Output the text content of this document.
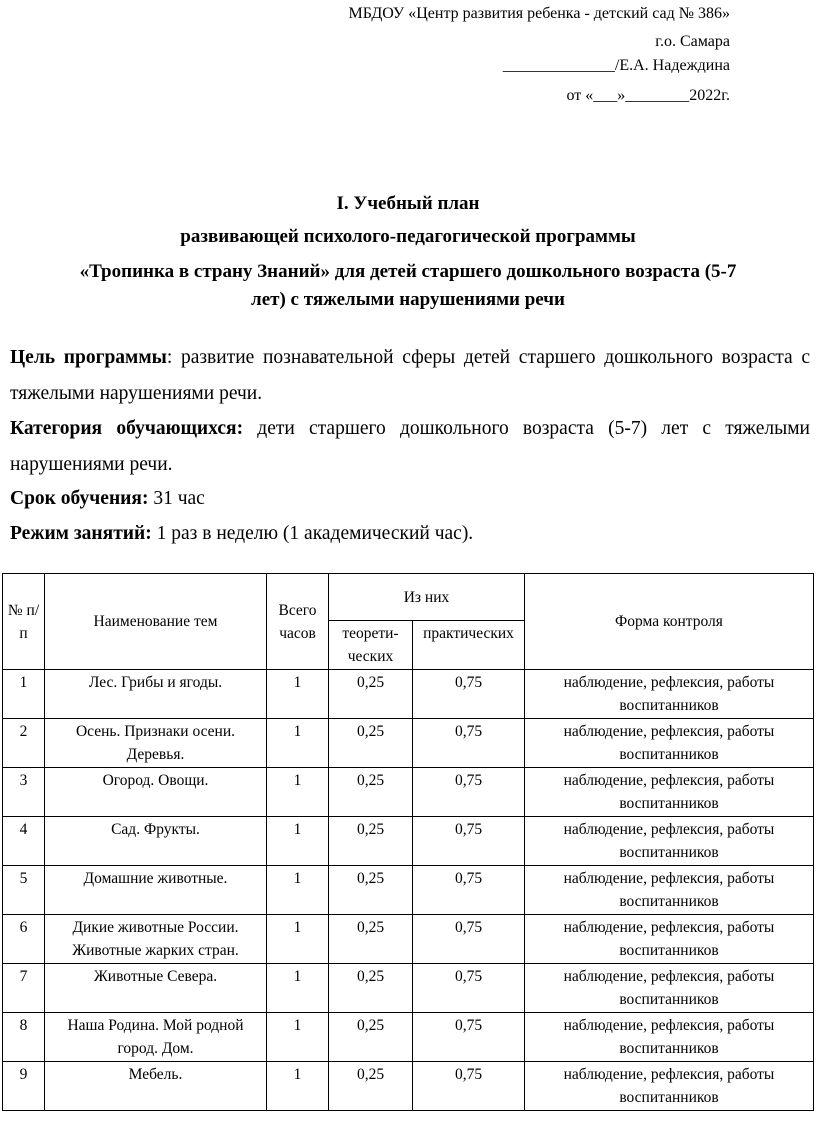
МБДОУ «Центр развития ребенка - детский сад № 386»
г.о. Самара
______________/Е.А. Надеждина
от «___»________2022г.
I. Учебный план
развивающей психолого-педагогической программы
«Тропинка в страну Знаний» для детей старшего дошкольного возраста (5-7
лет) с тяжелыми нарушениями речи
Цель программы: развитие познавательной сферы детей старшего дошкольного возраста с тяжелыми нарушениями речи.
Категория обучающихся: дети старшего дошкольного возраста (5-7) лет с тяжелыми нарушениями речи.
Срок обучения: 31 час
Режим занятий: 1 раз в неделю (1 академический час).
№ п/п	Наименование тем	Всего часов	Из них		Форма контроля
			теорети-ческих	практических	
1	Лес. Грибы и ягоды.	1	0,25	0,75	наблюдение, рефлексия, работы воспитанников
2	Осень. Признаки осени. Деревья.	1	0,25	0,75	наблюдение, рефлексия, работы воспитанников
3	Огород. Овощи.	1	0,25	0,75	наблюдение, рефлексия, работы воспитанников
4	Сад. Фрукты.	1	0,25	0,75	наблюдение, рефлексия, работы воспитанников
5	Домашние животные.	1	0,25	0,75	наблюдение, рефлексия, работы воспитанников
6	Дикие животные России. Животные жарких стран.	1	0,25	0,75	наблюдение, рефлексия, работы воспитанников
7	Животные Севера.	1	0,25	0,75	наблюдение, рефлексия, работы воспитанников
8	Наша Родина. Мой родной город. Дом.	1	0,25	0,75	наблюдение, рефлексия, работы воспитанников
9	Мебель.	1	0,25	0,75	наблюдение, рефлексия, работы воспитанников
